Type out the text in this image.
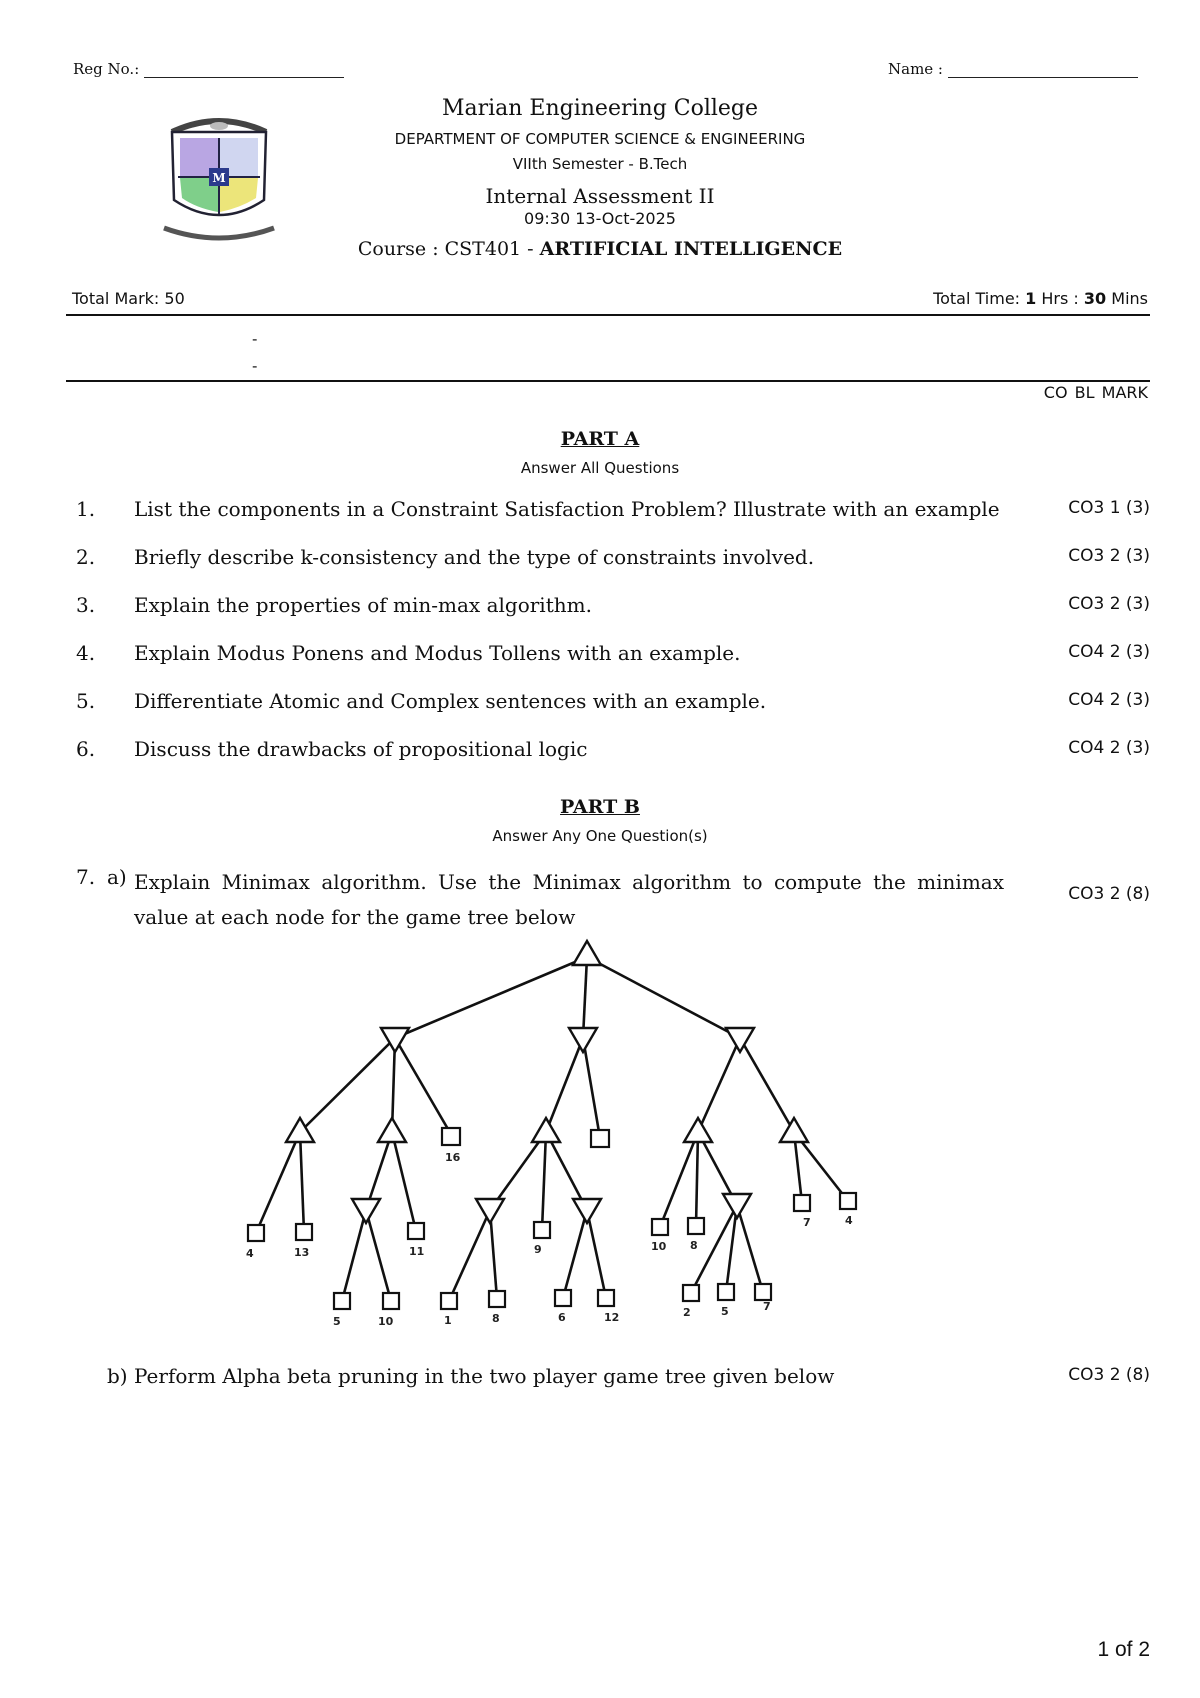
Reg No.:	Name :
M
Marian Engineering College
DEPARTMENT OF COMPUTER SCIENCE & ENGINEERING
VIIth Semester - B.Tech
Internal Assessment II
09:30 13-Oct-2025
Course : CST401 - ARTIFICIAL INTELLIGENCE
Total Mark: 50	Total Time: 1 Hrs : 30 Mins
-
-
CO BL MARK
PART A
Answer All Questions
1. List the components in a Constraint Satisfaction Problem? Illustrate with an example	CO3 1 (3)
2. Briefly describe k-consistency and the type of constraints involved.	CO3 2 (3)
3. Explain the properties of min-max algorithm.	CO3 2 (3)
4. Explain Modus Ponens and Modus Tollens with an example.	CO4 2 (3)
5. Differentiate Atomic and Complex sentences with an example.	CO4 2 (3)
6. Discuss the drawbacks of propositional logic	CO4 2 (3)
PART B
Answer Any One Question(s)
7. a) Explain Minimax algorithm. Use the Minimax algorithm to compute the minimax
value at each node for the game tree below
CO3 2 (8)
4	13
5	10
11
16
1	8
9
6	12
10 8
2	5	7
7	4
b) Perform Alpha beta pruning in the two player game tree given below	CO3 2 (8)
1 of 2
